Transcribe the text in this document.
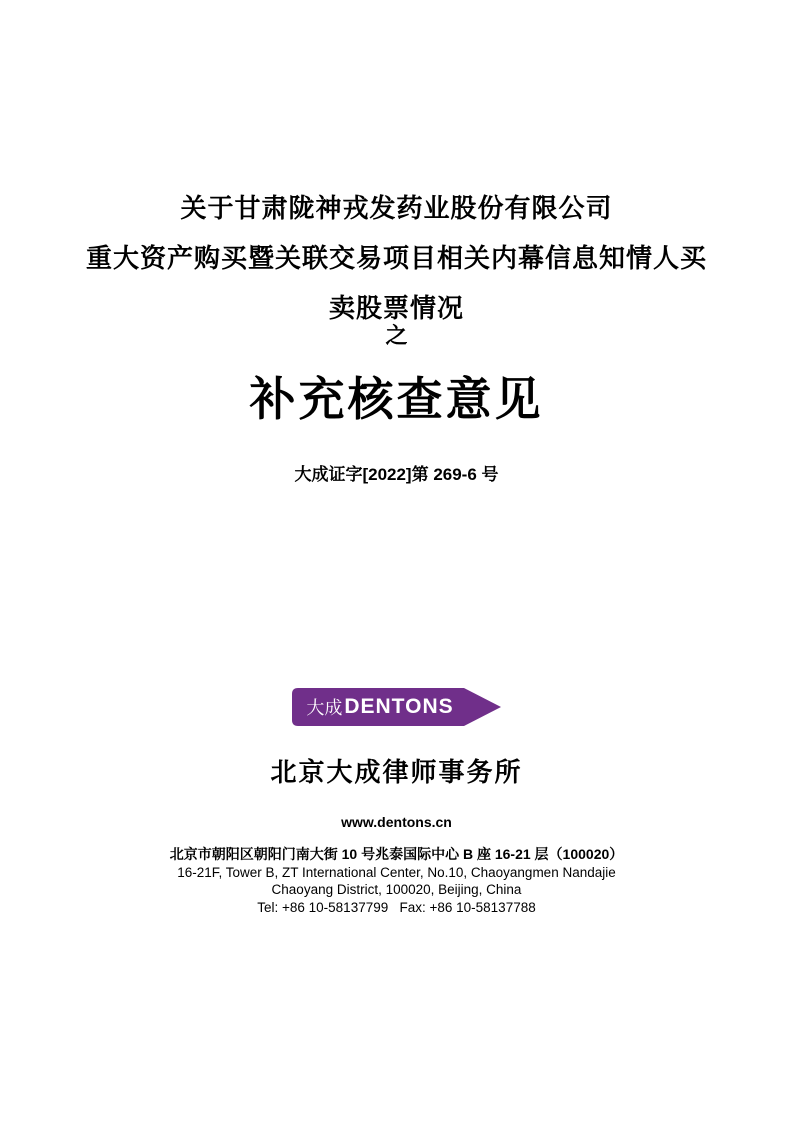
关于甘肃陇神戎发药业股份有限公司
重大资产购买暨关联交易项目相关内幕信息知情人买
卖股票情况
之
补充核查意见
大成证字[2022]第 269-6 号
大成 DENTONS
北京大成律师事务所
www.dentons.cn
北京市朝阳区朝阳门南大街 10 号兆泰国际中心 B 座 16-21 层（100020）
16-21F, Tower B, ZT International Center, No.10, Chaoyangmen Nandajie
Chaoyang District, 100020, Beijing, China
Tel: +86 10-58137799   Fax: +86 10-58137788
